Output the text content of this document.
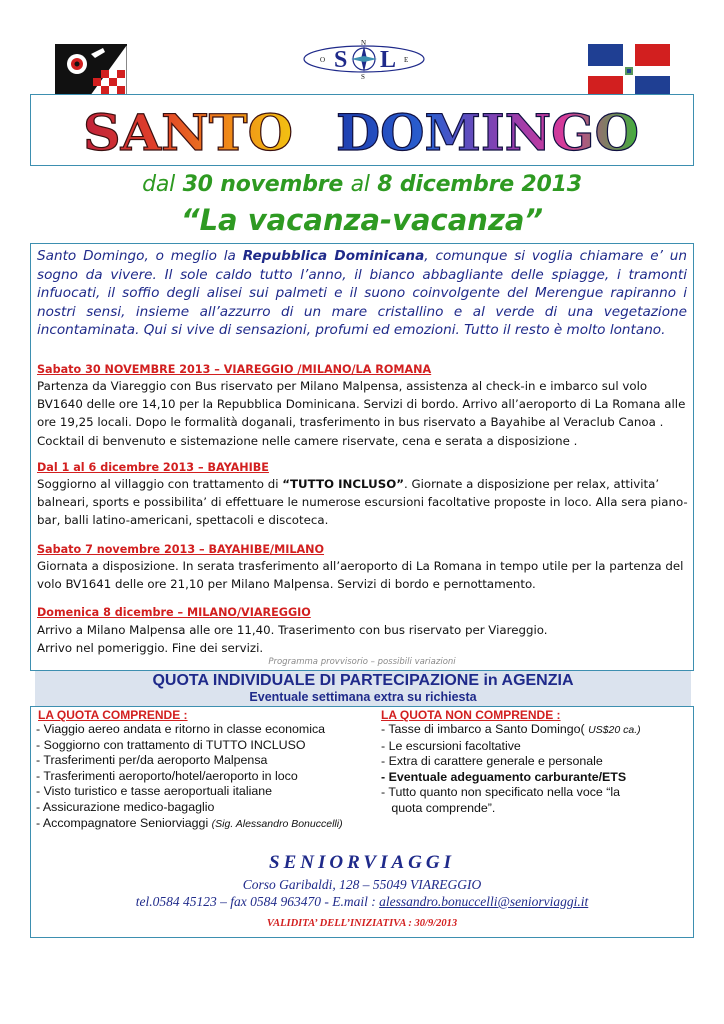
S L
N
O	E
S
SANTO DOMINGO
dal 30 novembre al 8 dicembre 2013
“La vacanza-vacanza”
Santo Domingo, o meglio la Repubblica Dominicana, comunque si voglia chiamare e’ un sogno da vivere. Il sole caldo tutto l’anno, il bianco abbagliante delle spiagge, i tramonti infuocati, il soffio degli alisei sui palmeti e il suono coinvolgente del Merengue rapiranno i nostri sensi, insieme all’azzurro di un mare cristallino e al verde di una vegetazione incontaminata. Qui si vive di sensazioni, profumi ed emozioni. Tutto il resto è molto lontano.
Sabato 30 NOVEMBRE 2013 – VIAREGGIO /MILANO/LA ROMANA
Partenza da Viareggio con Bus riservato per Milano Malpensa, assistenza al check-in e imbarco sul volo BV1640 delle ore 14,10 per la Repubblica Dominicana. Servizi di bordo. Arrivo all’aeroporto di La Romana alle ore 19,25 locali. Dopo le formalità doganali, trasferimento in bus riservato a Bayahibe al Veraclub Canoa . Cocktail di benvenuto e sistemazione nelle camere riservate, cena e serata a disposizione .
Dal 1 al 6 dicembre 2013 – BAYAHIBE
Soggiorno al villaggio con trattamento di “TUTTO INCLUSO”. Giornate a disposizione per relax, attivita’ balneari, sports e possibilita’ di effettuare le numerose escursioni facoltative proposte in loco. Alla sera piano-bar, balli latino-americani, spettacoli e discoteca.
Sabato 7 novembre 2013 – BAYAHIBE/MILANO
Giornata a disposizione. In serata trasferimento all’aeroporto di La Romana in tempo utile per la partenza del volo BV1641 delle ore 21,10 per Milano Malpensa. Servizi di bordo e pernottamento.
Domenica 8 dicembre – MILANO/VIAREGGIO
Arrivo a Milano Malpensa alle ore 11,40. Traserimento con bus riservato per Viareggio.
Arrivo nel pomeriggio. Fine dei servizi.
Programma provvisorio – possibili variazioni
QUOTA INDIVIDUALE DI PARTECIPAZIONE in AGENZIA
Eventuale settimana extra su richiesta
LA QUOTA COMPRENDE :
- Viaggio aereo andata e ritorno in classe economica
- Soggiorno con trattamento di TUTTO INCLUSO
- Trasferimenti per/da aeroporto Malpensa
- Trasferimenti aeroporto/hotel/aeroporto in loco
- Visto turistico e tasse aeroportuali italiane
- Assicurazione medico-bagaglio
- Accompagnatore Seniorviaggi (Sig. Alessandro Bonuccelli)
LA QUOTA NON COMPRENDE :
- Tasse di imbarco a Santo Domingo( US$20 ca.)
- Le escursioni facoltative
- Extra di carattere generale e personale
- Eventuale adeguamento carburante/ETS
- Tutto quanto non specificato nella voce “la
quota comprende”.
SENIORVIAGGI
Corso Garibaldi, 128 – 55049 VIAREGGIO
tel.0584 45123 – fax 0584 963470 - E.mail : alessandro.bonuccelli@seniorviaggi.it
VALIDITA’ DELL’INIZIATIVA : 30/9/2013
